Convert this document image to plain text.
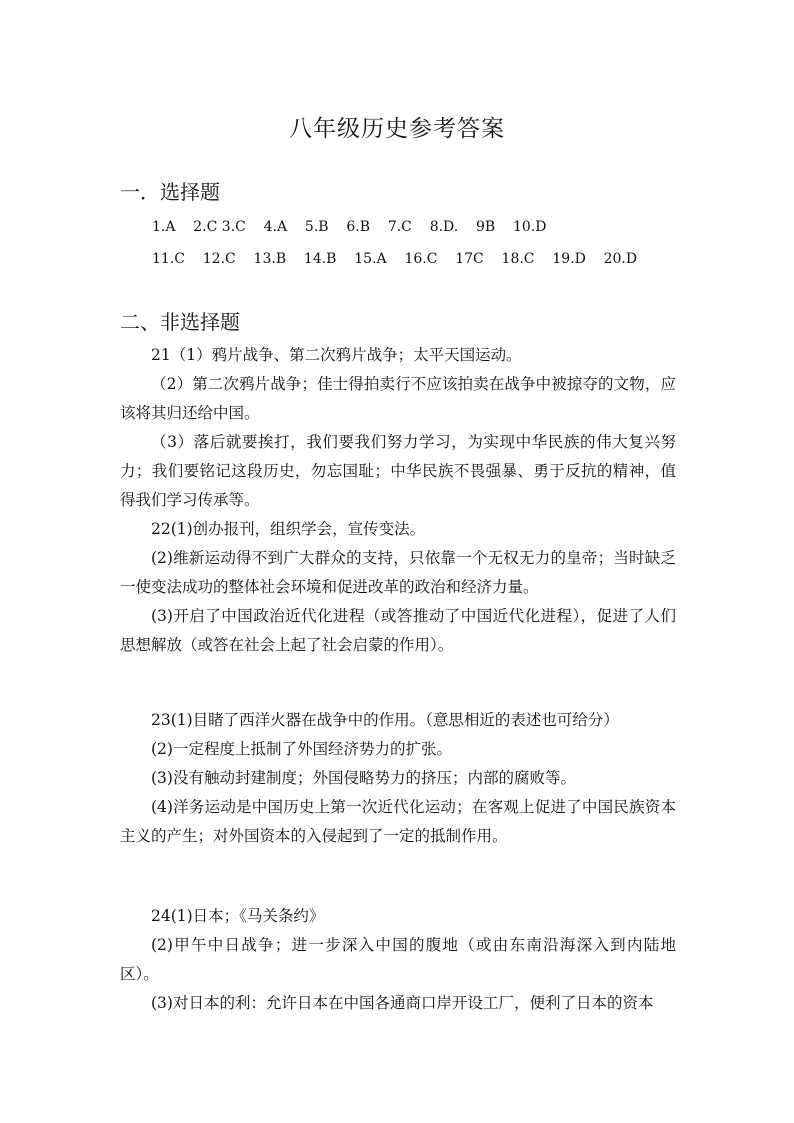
八年级历史参考答案
一．选择题
1.A    2.C 3.C    4.A    5.B    6.B    7.C    8.D.    9B    10.D
11.C    12.C    13.B    14.B    15.A    16.C    17C    18.C    19.D    20.D
二、非选择题

21（1）鸦片战争、第二次鸦片战争；太平天国运动。

（2）第二次鸦片战争；佳士得拍卖行不应该拍卖在战争中被掠夺的文物，应该将其归还给中国。

（3）落后就要挨打，我们要我们努力学习，为实现中华民族的伟大复兴努力；我们要铭记这段历史，勿忘国耻；中华民族不畏强暴、勇于反抗的精神，值得我们学习传承等。

22(1)创办报刊，组织学会，宣传变法。

(2)维新运动得不到广大群众的支持，只依靠一个无权无力的皇帝；当时缺乏一使变法成功的整体社会环境和促进改革的政治和经济力量。

(3)开启了中国政治近代化进程（或答推动了中国近代化进程），促进了人们思想解放（或答在社会上起了社会启蒙的作用）。

23(1)目睹了西洋火器在战争中的作用。（意思相近的表述也可给分）

(2)一定程度上抵制了外国经济势力的扩张。

(3)没有触动封建制度；外国侵略势力的挤压；内部的腐败等。

(4)洋务运动是中国历史上第一次近代化运动；在客观上促进了中国民族资本主义的产生；对外国资本的入侵起到了一定的抵制作用。

24(1)日本；《马关条约》

(2)甲午中日战争；进一步深入中国的腹地（或由东南沿海深入到内陆地区）。

(3)对日本的利：允许日本在中国各通商口岸开设工厂，便利了日本的资本
